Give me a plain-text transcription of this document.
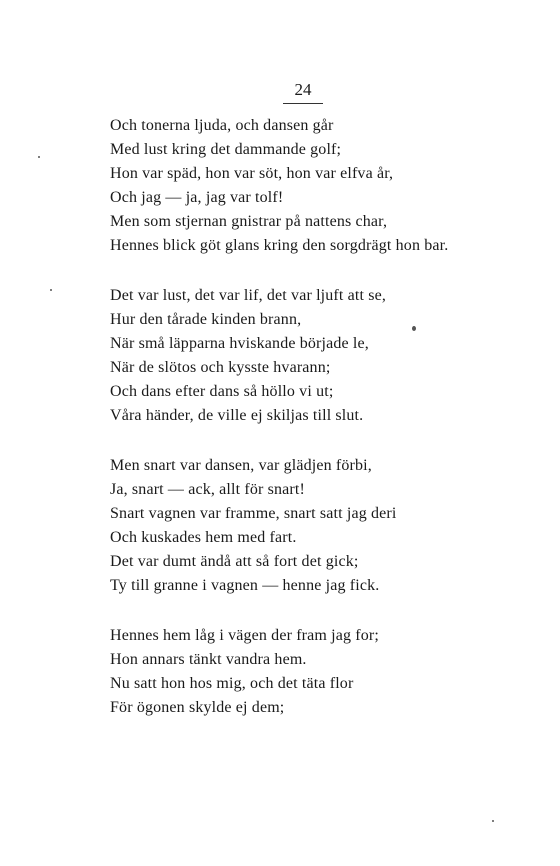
24
Och tonerna ljuda, och dansen går
Med lust kring det dammande golf;
Hon var späd, hon var söt, hon var elfva år,
Och jag — ja, jag var tolf!
Men som stjernan gnistrar på nattens char,
Hennes blick göt glans kring den sorgdrägt hon bar.
Det var lust, det var lif, det var ljuft att se,
Hur den tårade kinden brann,
När små läpparna hviskande började le,
När de slötos och kysste hvarann;
Och dans efter dans så höllo vi ut;
Våra händer, de ville ej skiljas till slut.
Men snart var dansen, var glädjen förbi,
Ja, snart — ack, allt för snart!
Snart vagnen var framme, snart satt jag deri
Och kuskades hem med fart.
Det var dumt ändå att så fort det gick;
Ty till granne i vagnen — henne jag fick.
Hennes hem låg i vägen der fram jag for;
Hon annars tänkt vandra hem.
Nu satt hon hos mig, och det täta flor
För ögonen skylde ej dem;
